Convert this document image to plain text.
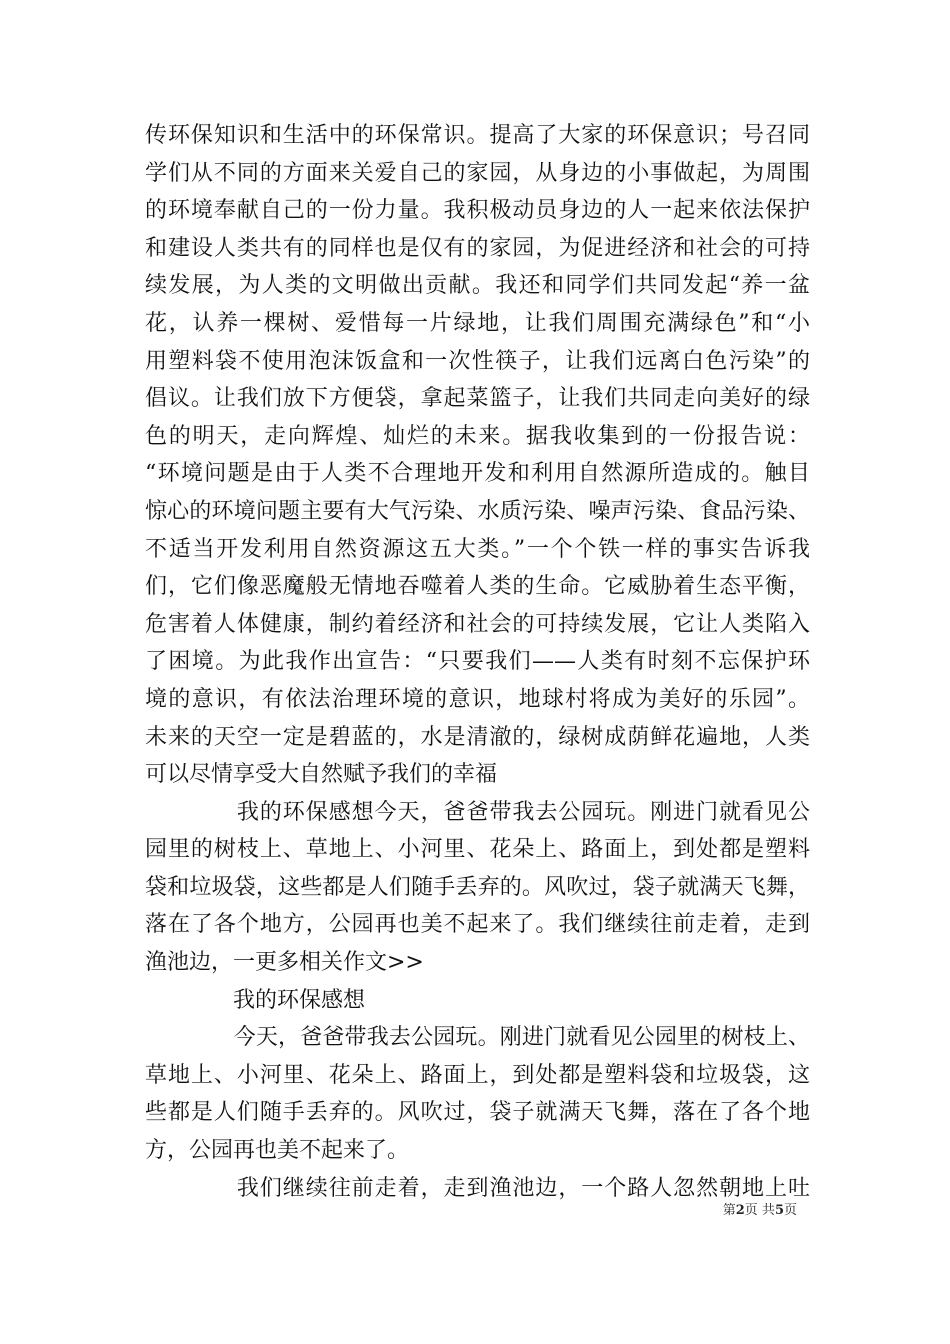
传环保知识和生活中的环保常识。提高了大家的环保意识；号召同
学们从不同的方面来关爱自己的家园，从身边的小事做起，为周围
的环境奉献自己的一份力量。我积极动员身边的人一起来依法保护
和建设人类共有的同样也是仅有的家园，为促进经济和社会的可持
续发展，为人类的文明做出贡献。我还和同学们共同发起“养一盆
花，认养一棵树、爱惜每一片绿地，让我们周围充满绿色”和“小
用塑料袋不使用泡沫饭盒和一次性筷子，让我们远离白色污染”的
倡议。让我们放下方便袋，拿起菜篮子，让我们共同走向美好的绿
色的明天，走向辉煌、灿烂的未来。据我收集到的一份报告说：
“环境问题是由于人类不合理地开发和利用自然源所造成的。触目
惊心的环境问题主要有大气污染、水质污染、噪声污染、食品污染、
不适当开发利用自然资源这五大类。”一个个铁一样的事实告诉我
们，它们像恶魔般无情地吞噬着人类的生命。它威胁着生态平衡，
危害着人体健康，制约着经济和社会的可持续发展，它让人类陷入
了困境。为此我作出宣告：“只要我们——人类有时刻不忘保护环
境的意识，有依法治理环境的意识，地球村将成为美好的乐园”。
未来的天空一定是碧蓝的，水是清澈的，绿树成荫鲜花遍地，人类
可以尽情享受大自然赋予我们的幸福
　　　　我的环保感想今天，爸爸带我去公园玩。刚进门就看见公
园里的树枝上、草地上、小河里、花朵上、路面上，到处都是塑料
袋和垃圾袋，这些都是人们随手丢弃的。风吹过，袋子就满天飞舞，
落在了各个地方，公园再也美不起来了。我们继续往前走着，走到
渔池边，一更多相关作文>>
　　　　我的环保感想
　　　　今天，爸爸带我去公园玩。刚进门就看见公园里的树枝上、
草地上、小河里、花朵上、路面上，到处都是塑料袋和垃圾袋，这
些都是人们随手丢弃的。风吹过，袋子就满天飞舞，落在了各个地
方，公园再也美不起来了。
　　　　我们继续往前走着，走到渔池边，一个路人忽然朝地上吐
第2页 共5页
